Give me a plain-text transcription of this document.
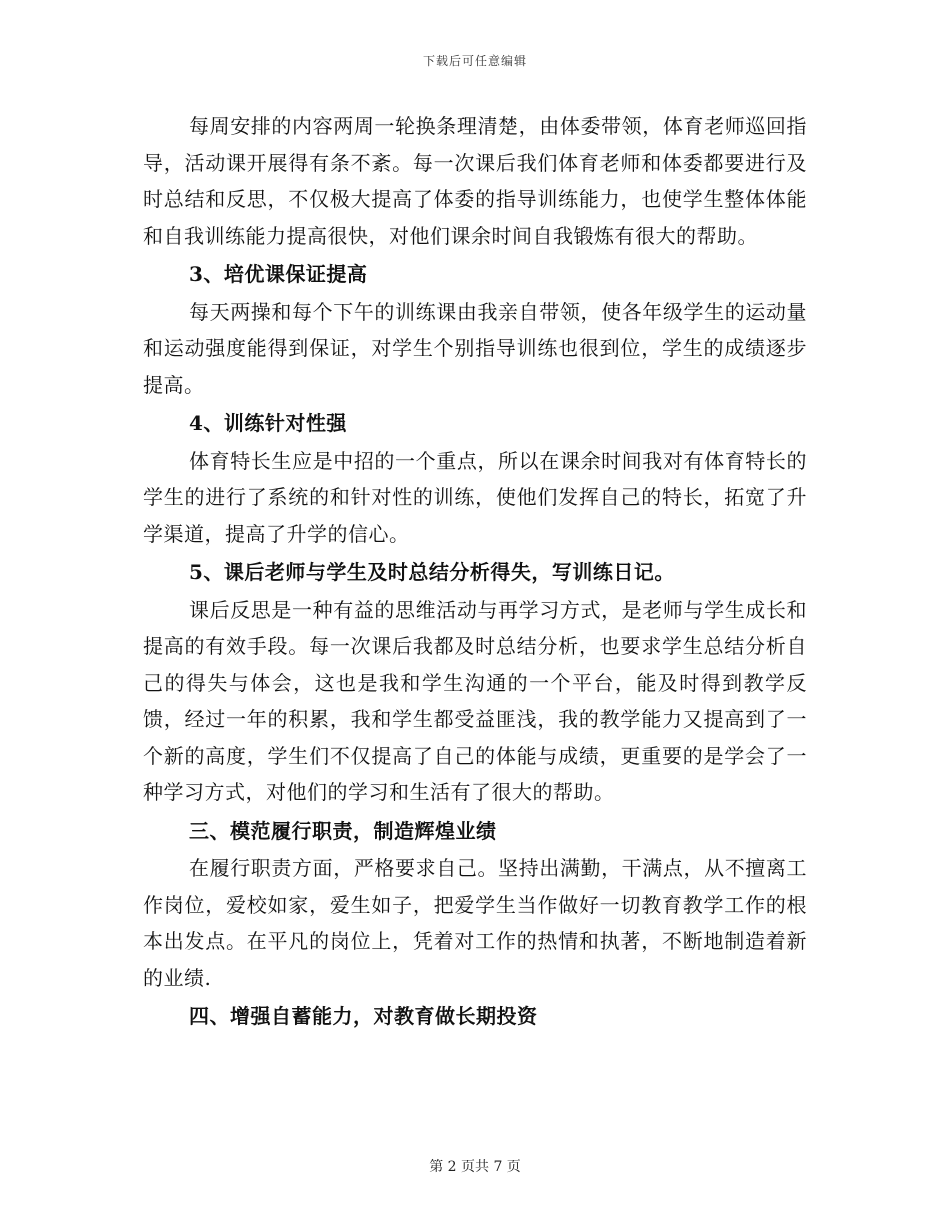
下载后可任意编辑

每周安排的内容两周一轮换条理清楚，由体委带领，体育老师巡回指导，活动课开展得有条不紊。每一次课后我们体育老师和体委都要进行及时总结和反思，不仅极大提高了体委的指导训练能力，也使学生整体体能和自我训练能力提高很快，对他们课余时间自我锻炼有很大的帮助。

3、培优课保证提高

每天两操和每个下午的训练课由我亲自带领，使各年级学生的运动量和运动强度能得到保证，对学生个别指导训练也很到位，学生的成绩逐步提高。

4、训练针对性强

体育特长生应是中招的一个重点，所以在课余时间我对有体育特长的学生的进行了系统的和针对性的训练，使他们发挥自己的特长，拓宽了升学渠道，提高了升学的信心。

5、课后老师与学生及时总结分析得失，写训练日记。

课后反思是一种有益的思维活动与再学习方式，是老师与学生成长和提高的有效手段。每一次课后我都及时总结分析，也要求学生总结分析自己的得失与体会，这也是我和学生沟通的一个平台，能及时得到教学反馈，经过一年的积累，我和学生都受益匪浅，我的教学能力又提高到了一个新的高度，学生们不仅提高了自己的体能与成绩，更重要的是学会了一种学习方式，对他们的学习和生活有了很大的帮助。

三、模范履行职责，制造辉煌业绩

在履行职责方面，严格要求自己。坚持出满勤，干满点，从不擅离工作岗位，爱校如家，爱生如子，把爱学生当作做好一切教育教学工作的根本出发点。在平凡的岗位上，凭着对工作的热情和执著，不断地制造着新的业绩.

四、增强自蓄能力，对教育做长期投资

第 2 页共 7 页
